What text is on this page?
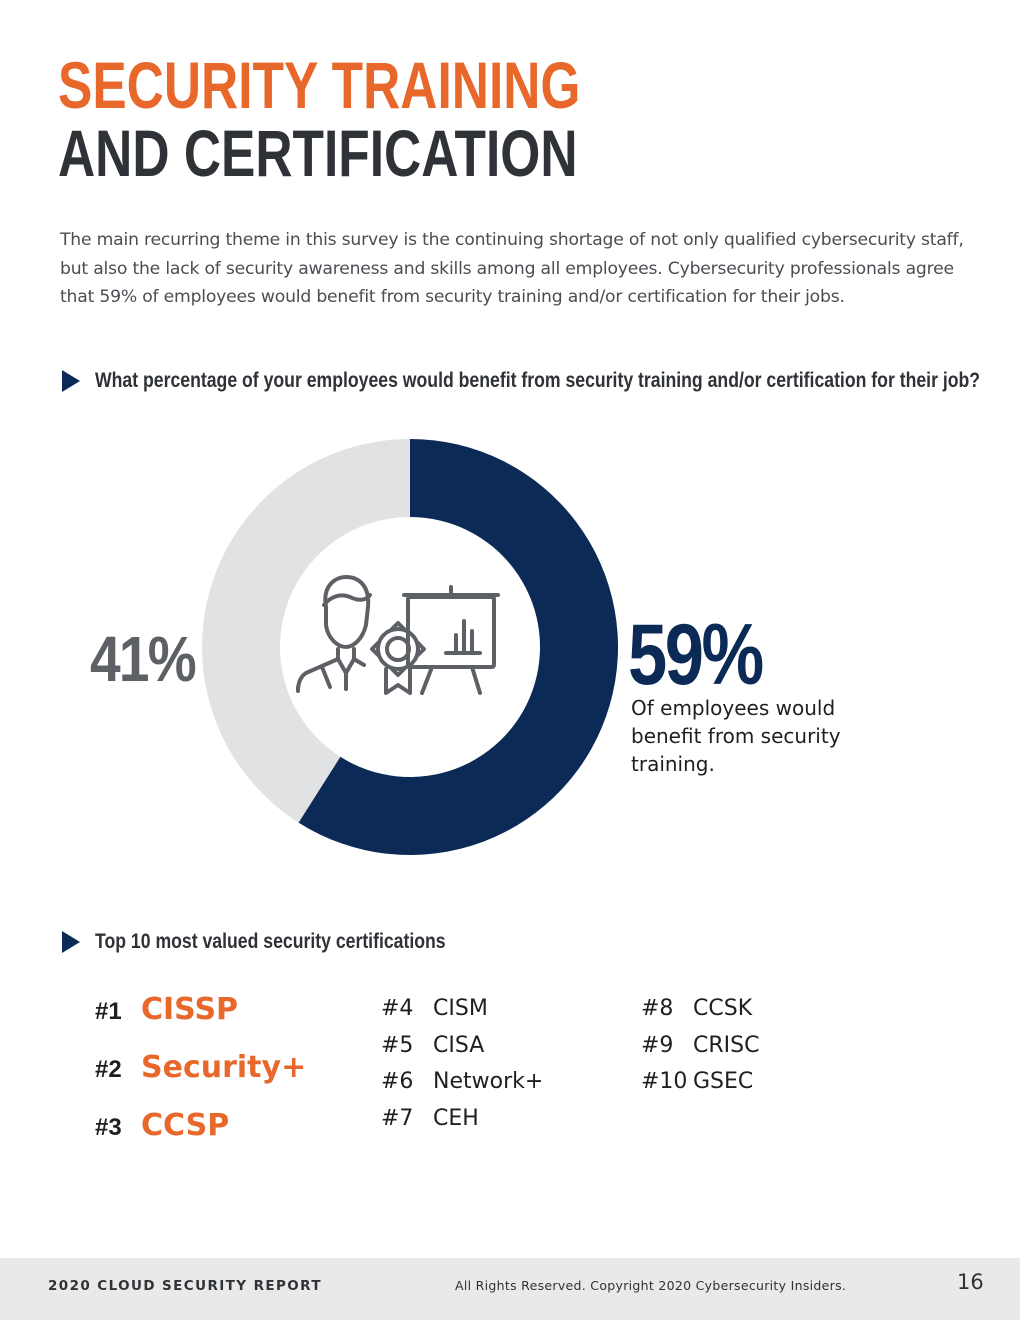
SECURITY TRAINING
AND CERTIFICATION

The main recurring theme in this survey is the continuing shortage of not only qualified cybersecurity staff, but also the lack of security awareness and skills among all employees. Cybersecurity professionals agree that 59% of employees would benefit from security training and/or certification for their jobs.

What percentage of your employees would benefit from security training and/or certification for their job?
41%	59%
Of employees would benefit from security training.
Top 10 most valued security certifications
#1 CISSP
#2 Security+
#3 CCSP
#4 CISM
#5 CISA
#6 Network+
#7 CEH
#8 CCSK
#9 CRISC
#10 GSEC
2020 CLOUD SECURITY REPORT	All Rights Reserved. Copyright 2020 Cybersecurity Insiders.	16
